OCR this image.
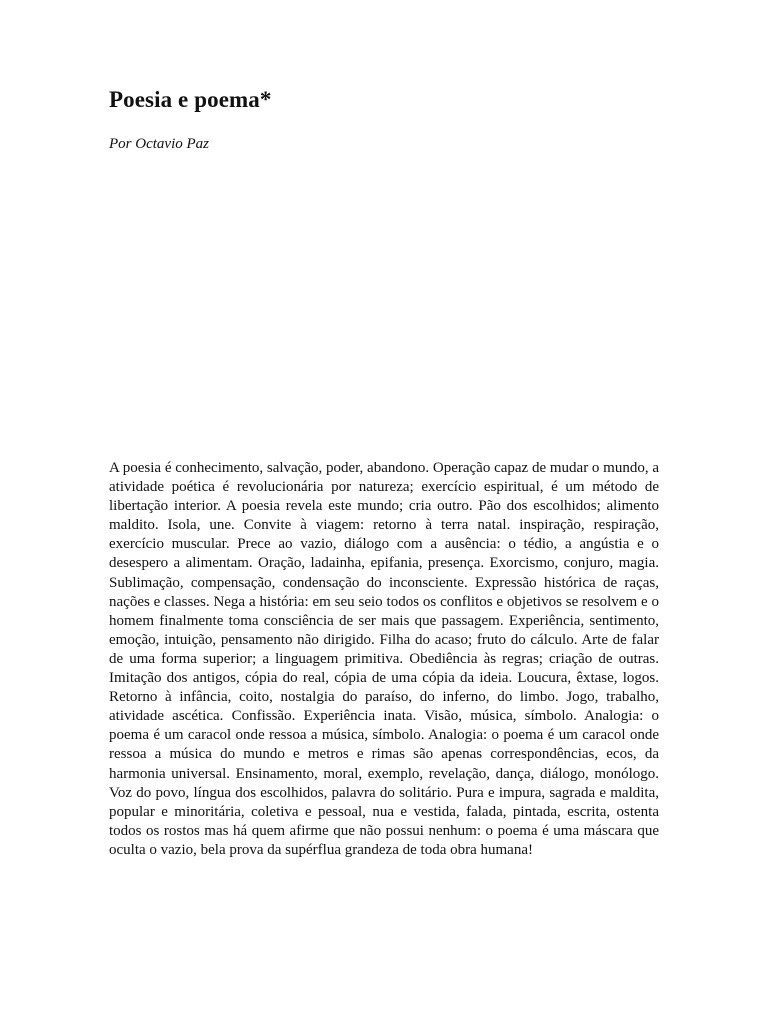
Poesia e poema*

Por Octavio Paz

A poesia é conhecimento, salvação, poder, abandono. Operação capaz de mudar o mundo, a atividade poética é revolucionária por natureza; exercício espiritual, é um método de libertação interior. A poesia revela este mundo; cria outro. Pão dos escolhidos; alimento maldito. Isola, une. Convite à viagem: retorno à terra natal. inspiração, respiração, exercício muscular. Prece ao vazio, diálogo com a ausência: o tédio, a angústia e o desespero a alimentam. Oração, ladainha, epifania, presença. Exorcismo, conjuro, magia. Sublimação, compensação, condensação do inconsciente. Expressão histórica de raças, nações e classes. Nega a história: em seu seio todos os conflitos e objetivos se resolvem e o homem finalmente toma consciência de ser mais que passagem. Experiência, sentimento, emoção, intuição, pensamento não dirigido. Filha do acaso; fruto do cálculo. Arte de falar de uma forma superior; a linguagem primitiva. Obediência às regras; criação de outras. Imitação dos antigos, cópia do real, cópia de uma cópia da ideia. Loucura, êxtase, logos. Retorno à infância, coito, nostalgia do paraíso, do inferno, do limbo. Jogo, trabalho, atividade ascética. Confissão. Experiência inata. Visão, música, símbolo. Analogia: o poema é um caracol onde ressoa a música, símbolo. Analogia: o poema é um caracol onde ressoa a música do mundo e metros e rimas são apenas correspondências, ecos, da harmonia universal. Ensinamento, moral, exemplo, revelação, dança, diálogo, monólogo. Voz do povo, língua dos escolhidos, palavra do solitário. Pura e impura, sagrada e maldita, popular e minoritária, coletiva e pessoal, nua e vestida, falada, pintada, escrita, ostenta todos os rostos mas há quem afirme que não possui nenhum: o poema é uma máscara que oculta o vazio, bela prova da supérflua grandeza de toda obra humana!
